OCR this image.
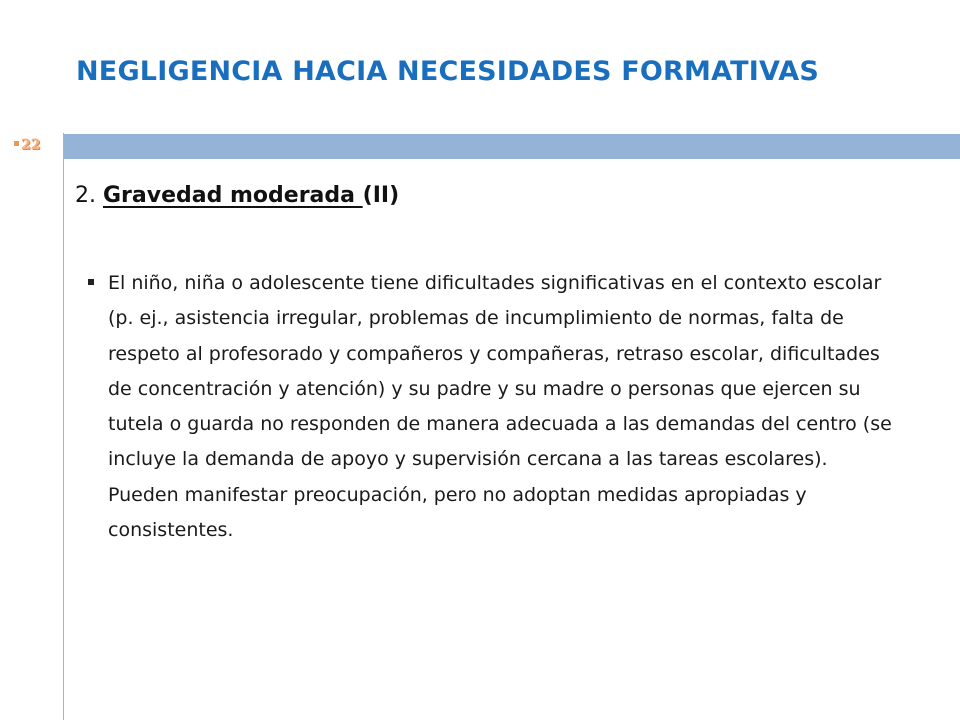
NEGLIGENCIA HACIA NECESIDADES FORMATIVAS
22
2. Gravedad moderada (II)
El niño, niña o adolescente tiene dificultades significativas en el contexto escolar (p. ej., asistencia irregular, problemas de incumplimiento de normas, falta de respeto al profesorado y compañeros y compañeras, retraso escolar, dificultades de concentración y atención) y su padre y su madre o personas que ejercen su tutela o guarda no responden de manera adecuada a las demandas del centro (se incluye la demanda de apoyo y supervisión cercana a las tareas escolares). Pueden manifestar preocupación, pero no adoptan medidas apropiadas y consistentes.
